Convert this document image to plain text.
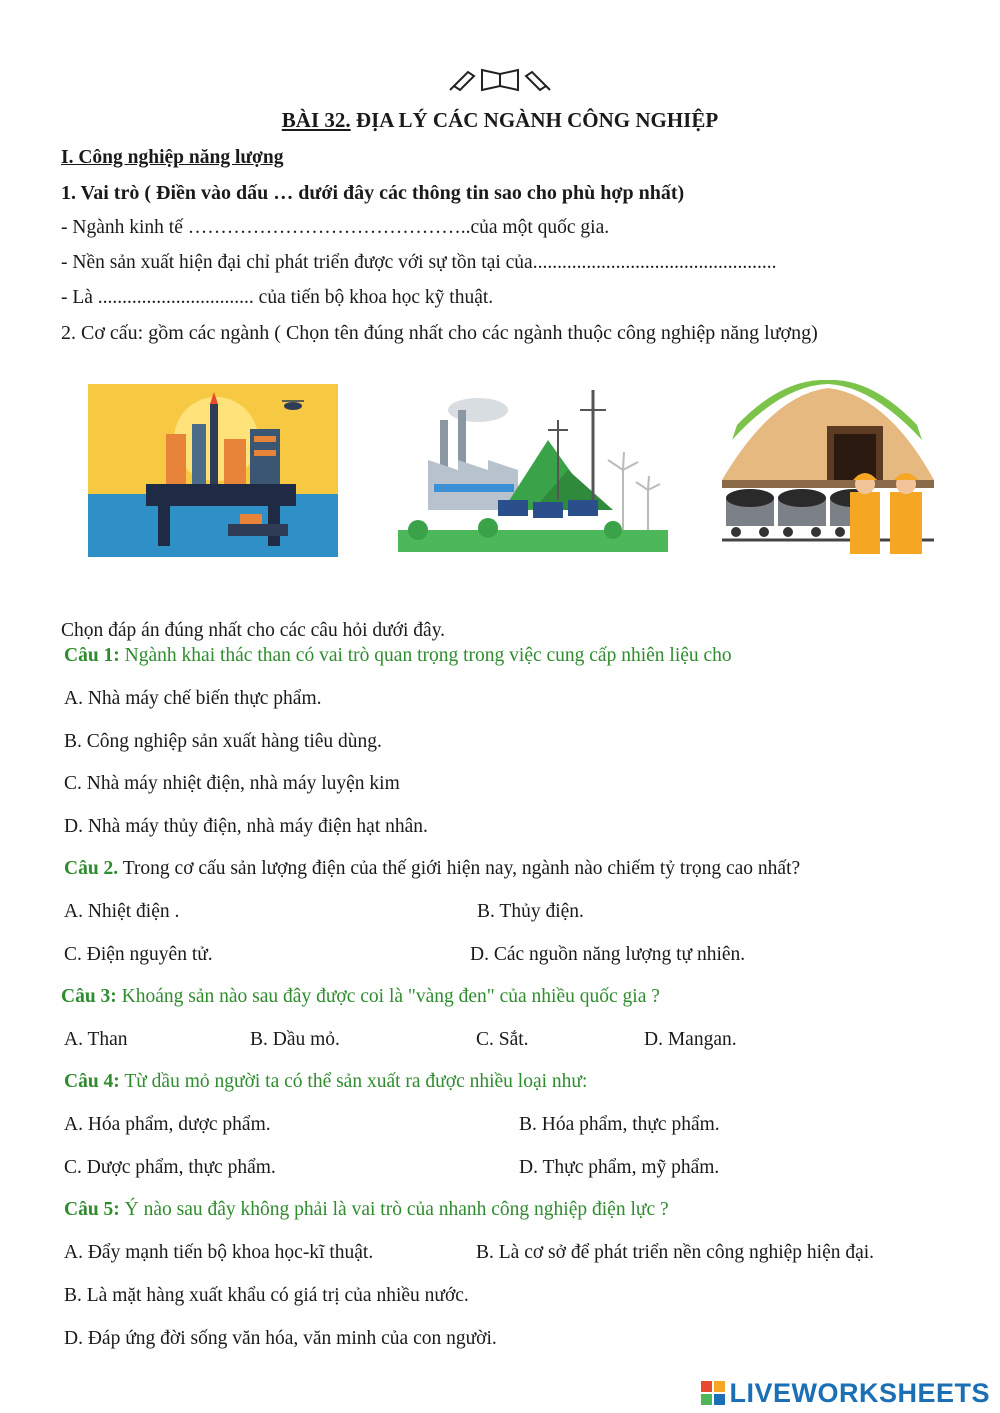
BÀI 32. ĐỊA LÝ CÁC NGÀNH CÔNG NGHIỆP
I. Công nghiệp năng lượng
1. Vai trò ( Điền vào dấu … dưới đây các thông tin sao cho phù hợp nhất)
- Ngành kinh tế ……………………………………..của một quốc gia.
- Nền sản xuất hiện đại chỉ phát triển được với sự tồn tại của..................................................
- Là ................................ của tiến bộ khoa học kỹ thuật.
2. Cơ cấu: gồm các ngành ( Chọn tên đúng nhất cho các ngành thuộc công nghiệp năng lượng)
Chọn đáp án đúng nhất cho các câu hỏi dưới đây.
Câu 1: Ngành khai thác than có vai trò quan trọng trong việc cung cấp nhiên liệu cho
A. Nhà máy chế biến thực phẩm.
B. Công nghiệp sản xuất hàng tiêu dùng.
C. Nhà máy nhiệt điện, nhà máy luyện kim
D. Nhà máy thủy điện, nhà máy điện hạt nhân.
Câu 2. Trong cơ cấu sản lượng điện của thế giới hiện nay, ngành nào chiếm tỷ trọng cao nhất?
A. Nhiệt điện .	B. Thủy điện.
C. Điện nguyên tử.	D. Các nguồn năng lượng tự nhiên.
Câu 3: Khoáng sản nào sau đây được coi là "vàng đen" của nhiều quốc gia ?
A. Than	B. Dầu mỏ.	C. Sắt.	D. Mangan.
Câu 4: Từ dầu mỏ người ta có thể sản xuất ra được nhiều loại như:
A. Hóa phẩm, dược phẩm.	B. Hóa phẩm, thực phẩm.
C. Dược phẩm, thực phẩm.	D. Thực phẩm, mỹ phẩm.
Câu 5: Ý nào sau đây không phải là vai trò của nhanh công nghiệp điện lực ?
A. Đẩy mạnh tiến bộ khoa học-kĩ thuật.	B. Là cơ sở để phát triển nền công nghiệp hiện đại.
B. Là mặt hàng xuất khẩu có giá trị của nhiều nước.
D. Đáp ứng đời sống văn hóa, văn minh của con người.
LIVEWORKSHEETS
